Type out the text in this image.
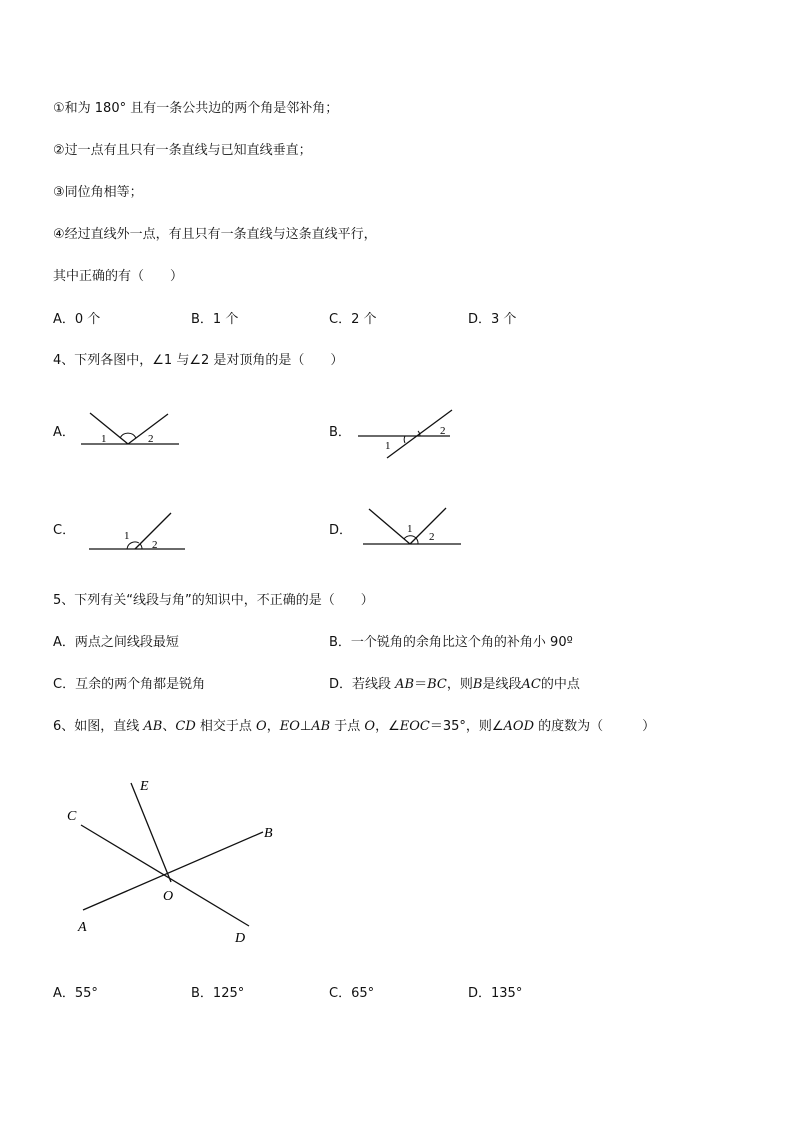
①和为 180° 且有一条公共边的两个角是邻补角；
②过一点有且只有一条直线与已知直线垂直；
③同位角相等；
④经过直线外一点，有且只有一条直线与这条直线平行，
其中正确的有（　　）
A．0 个	B．1 个	C．2 个	D．3 个
4、下列各图中，∠1 与∠2 是对顶角的是（　　）
A． 1	2	B．
1
2
C．	1
2
D．	1
2
5、下列有关“线段与角”的知识中，不正确的是（　　）
A．两点之间线段最短	B．一个锐角的余角比这个角的补角小 90º
C．互余的两个角都是锐角	D．若线段 AB＝BC，则B是线段AC的中点
6、如图，直线 AB、CD 相交于点 O，EO⊥AB 于点 O，∠EOC＝35°，则∠AOD 的度数为（　　　）
E
C
B
O
A
D
A．55°	B．125°	C．65°	D．135°
